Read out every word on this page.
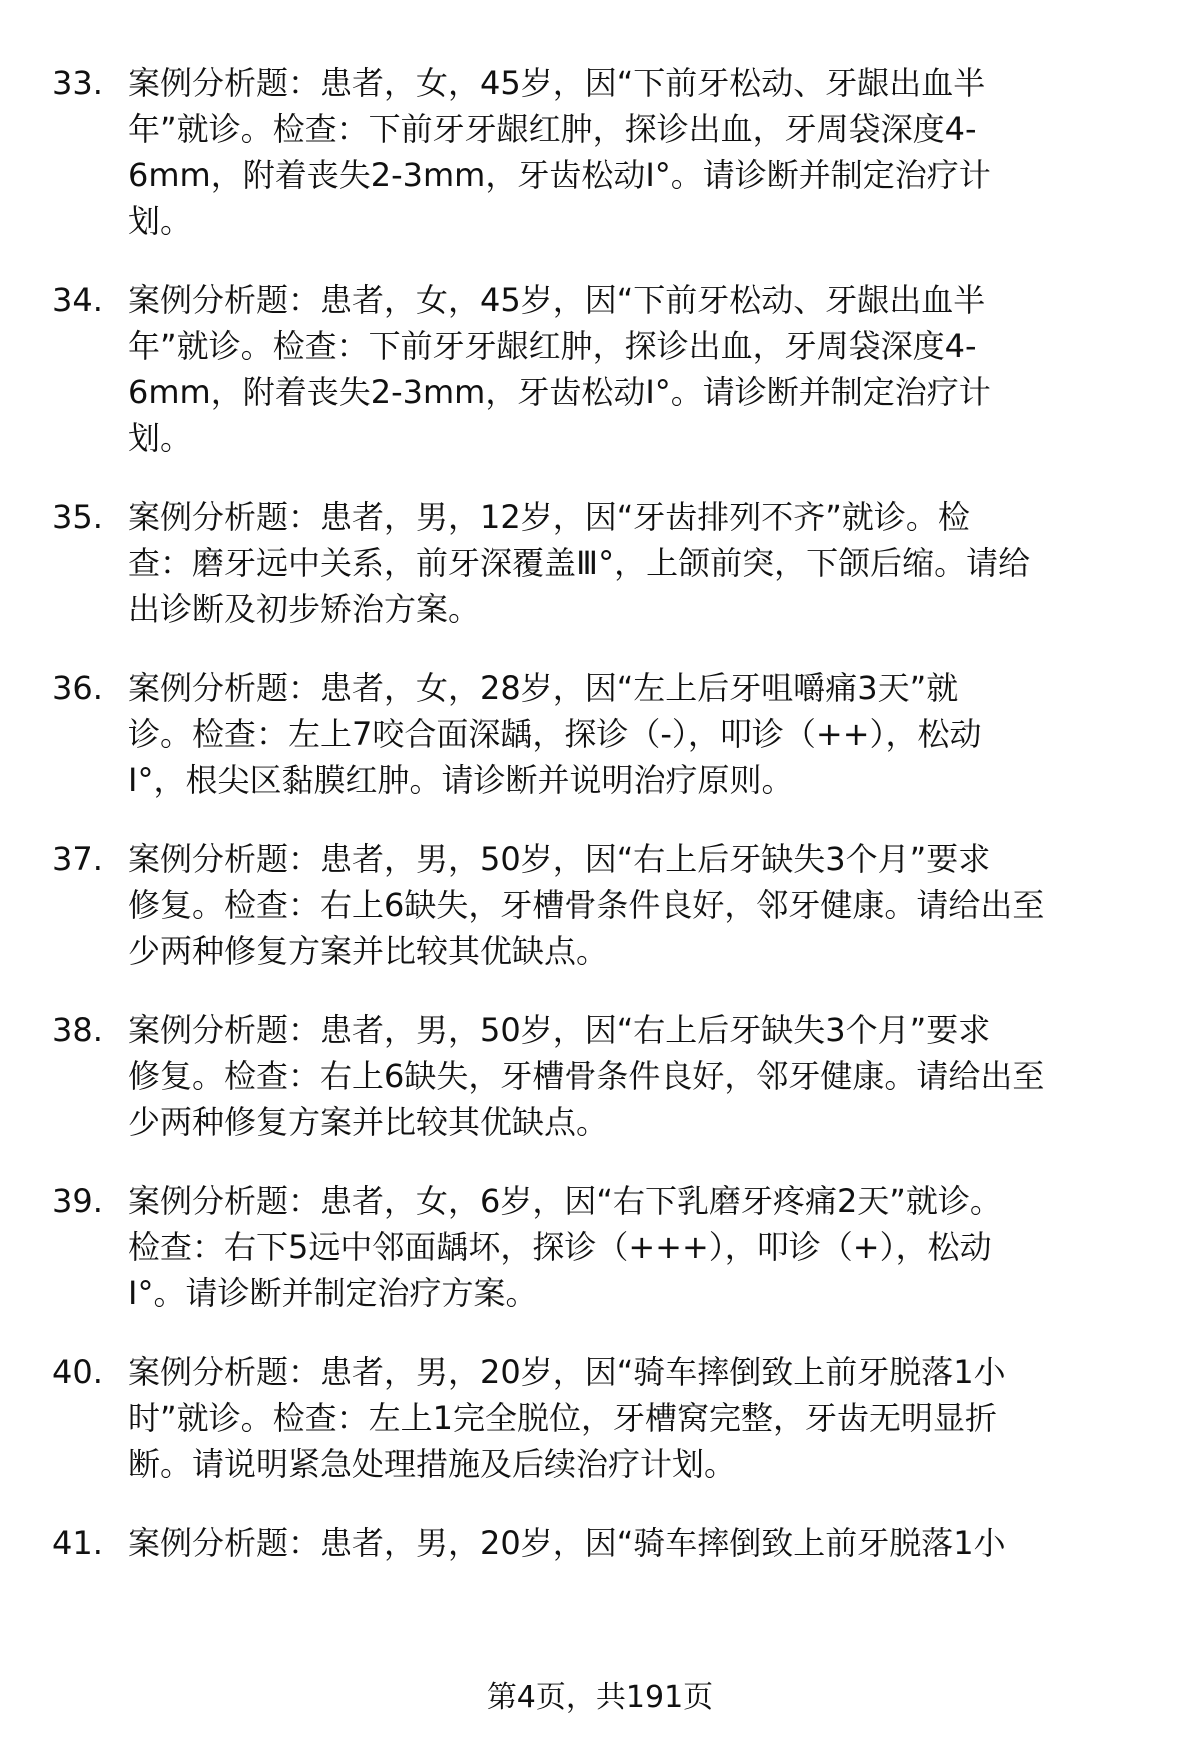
33. 案例分析题：患者，女，45岁，因“下前牙松动、牙龈出血半
年”就诊。检查：下前牙牙龈红肿，探诊出血，牙周袋深度4-
6mm，附着丧失2-3mm，牙齿松动Ⅰ°。请诊断并制定治疗计
划。
34. 案例分析题：患者，女，45岁，因“下前牙松动、牙龈出血半
年”就诊。检查：下前牙牙龈红肿，探诊出血，牙周袋深度4-
6mm，附着丧失2-3mm，牙齿松动Ⅰ°。请诊断并制定治疗计
划。
35. 案例分析题：患者，男，12岁，因“牙齿排列不齐”就诊。检
查：磨牙远中关系，前牙深覆盖Ⅲ°，上颌前突，下颌后缩。请给
出诊断及初步矫治方案。
36. 案例分析题：患者，女，28岁，因“左上后牙咀嚼痛3天”就
诊。检查：左上7咬合面深龋，探诊（-），叩诊（++），松动
Ⅰ°，根尖区黏膜红肿。请诊断并说明治疗原则。
37. 案例分析题：患者，男，50岁，因“右上后牙缺失3个月”要求
修复。检查：右上6缺失，牙槽骨条件良好，邻牙健康。请给出至
少两种修复方案并比较其优缺点。
38. 案例分析题：患者，男，50岁，因“右上后牙缺失3个月”要求
修复。检查：右上6缺失，牙槽骨条件良好，邻牙健康。请给出至
少两种修复方案并比较其优缺点。
39. 案例分析题：患者，女，6岁，因“右下乳磨牙疼痛2天”就诊。
检查：右下5远中邻面龋坏，探诊（+++），叩诊（+），松动
Ⅰ°。请诊断并制定治疗方案。
40. 案例分析题：患者，男，20岁，因“骑车摔倒致上前牙脱落1小
时”就诊。检查：左上1完全脱位，牙槽窝完整，牙齿无明显折
断。请说明紧急处理措施及后续治疗计划。
41. 案例分析题：患者，男，20岁，因“骑车摔倒致上前牙脱落1小
第4页，共191页
